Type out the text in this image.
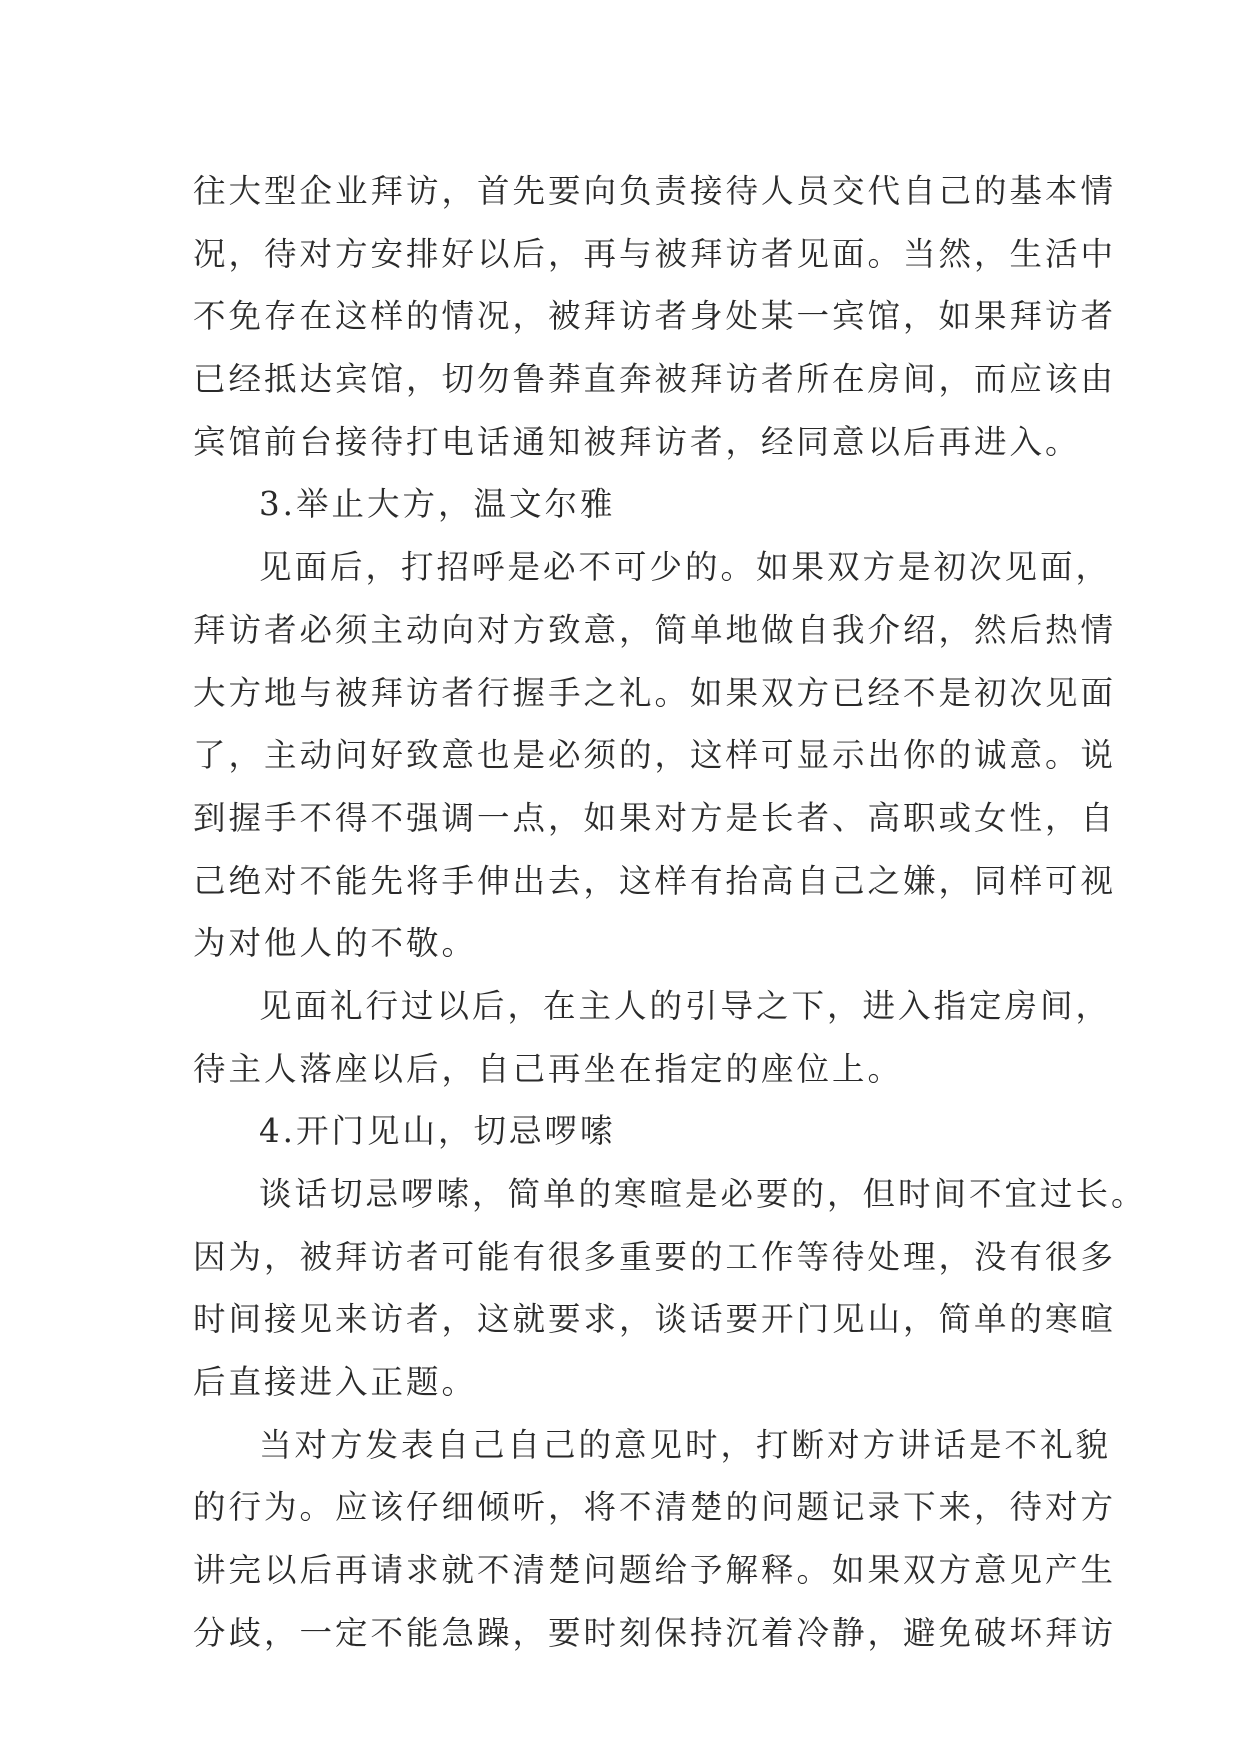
往大型企业拜访，首先要向负责接待人员交代自己的基本情
况，待对方安排好以后，再与被拜访者见面。当然，生活中
不免存在这样的情况，被拜访者身处某一宾馆，如果拜访者
已经抵达宾馆，切勿鲁莽直奔被拜访者所在房间，而应该由
宾馆前台接待打电话通知被拜访者，经同意以后再进入。
3.举止大方，温文尔雅
见面后，打招呼是必不可少的。如果双方是初次见面，
拜访者必须主动向对方致意，简单地做自我介绍，然后热情
大方地与被拜访者行握手之礼。如果双方已经不是初次见面
了，主动问好致意也是必须的，这样可显示出你的诚意。说
到握手不得不强调一点，如果对方是长者、高职或女性，自
己绝对不能先将手伸出去，这样有抬高自己之嫌，同样可视
为对他人的不敬。
见面礼行过以后，在主人的引导之下，进入指定房间，
待主人落座以后，自己再坐在指定的座位上。
4.开门见山，切忌啰嗦
谈话切忌啰嗦，简单的寒暄是必要的，但时间不宜过长。
因为，被拜访者可能有很多重要的工作等待处理，没有很多
时间接见来访者，这就要求，谈话要开门见山，简单的寒暄
后直接进入正题。
当对方发表自己自己的意见时，打断对方讲话是不礼貌
的行为。应该仔细倾听，将不清楚的问题记录下来，待对方
讲完以后再请求就不清楚问题给予解释。如果双方意见产生
分歧，一定不能急躁，要时刻保持沉着冷静，避免破坏拜访
